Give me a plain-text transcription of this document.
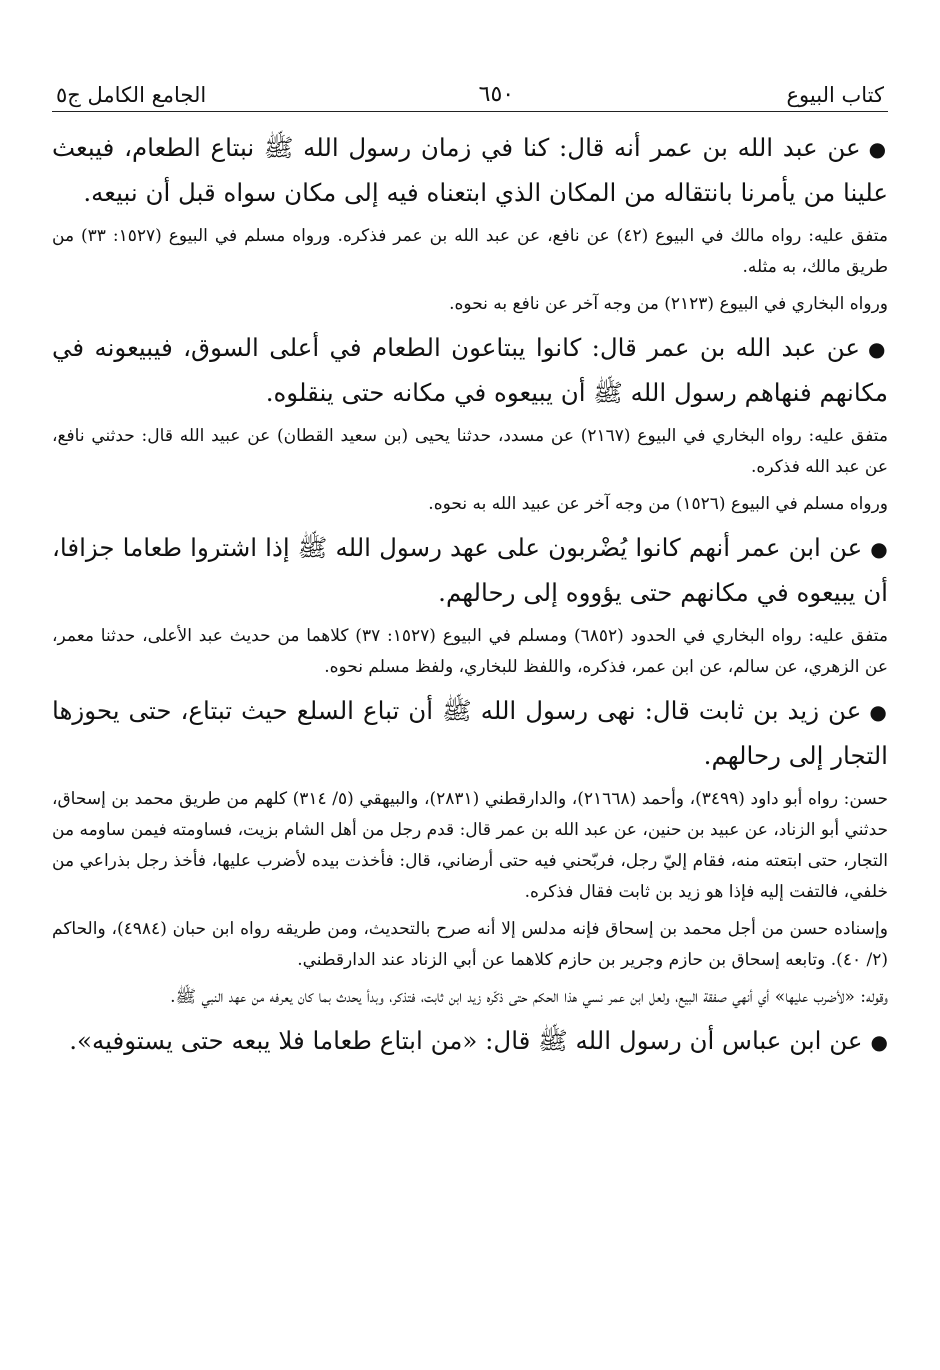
كتاب البيوع
٦٥٠
الجامع الكامل ج٥

●عن عبد الله بن عمر أنه قال: كنا في زمان رسول الله ﷺ نبتاع الطعام، فيبعث علينا من يأمرنا بانتقاله من المكان الذي ابتعناه فيه إلى مكان سواه قبل أن نبيعه.

متفق عليه: رواه مالك في البيوع (٤٢) عن نافع، عن عبد الله بن عمر فذكره. ورواه مسلم في البيوع (١٥٢٧: ٣٣) من طريق مالك، به مثله.

ورواه البخاري في البيوع (٢١٢٣) من وجه آخر عن نافع به نحوه.

●عن عبد الله بن عمر قال: كانوا يبتاعون الطعام في أعلى السوق، فيبيعونه في مكانهم فنهاهم رسول الله ﷺ أن يبيعوه في مكانه حتى ينقلوه.

متفق عليه: رواه البخاري في البيوع (٢١٦٧) عن مسدد، حدثنا يحيى (بن سعيد القطان) عن عبيد الله قال: حدثني نافع، عن عبد الله فذكره.

ورواه مسلم في البيوع (١٥٢٦) من وجه آخر عن عبيد الله به نحوه.

●عن ابن عمر أنهم كانوا يُضْربون على عهد رسول الله ﷺ إذا اشتروا طعاما جزافا، أن يبيعوه في مكانهم حتى يؤووه إلى رحالهم.

متفق عليه: رواه البخاري في الحدود (٦٨٥٢) ومسلم في البيوع (١٥٢٧: ٣٧) كلاهما من حديث عبد الأعلى، حدثنا معمر، عن الزهري، عن سالم، عن ابن عمر، فذكره، واللفظ للبخاري، ولفظ مسلم نحوه.

●عن زيد بن ثابت قال: نهى رسول الله ﷺ أن تباع السلع حيث تبتاع، حتى يحوزها التجار إلى رحالهم.

حسن: رواه أبو داود (٣٤٩٩)، وأحمد (٢١٦٦٨)، والدارقطني (٢٨٣١)، والبيهقي (٥/ ٣١٤) كلهم من طريق محمد بن إسحاق، حدثني أبو الزناد، عن عبيد بن حنين، عن عبد الله بن عمر قال: قدم رجل من أهل الشام بزيت، فساومته فيمن ساومه من التجار، حتى ابتعته منه، فقام إليّ رجل، فربّحني فيه حتى أرضاني، قال: فأخذت بيده لأضرب عليها، فأخذ رجل بذراعي من خلفي، فالتفت إليه فإذا هو زيد بن ثابت فقال فذكره.

وإسناده حسن من أجل محمد بن إسحاق فإنه مدلس إلا أنه صرح بالتحديث، ومن طريقه رواه ابن حبان (٤٩٨٤)، والحاكم (٢/ ٤٠). وتابعه إسحاق بن حازم وجرير بن حازم كلاهما عن أبي الزناد عند الدارقطني.

وقوله: «لأضرب عليها» أي أنهي صفقة البيع، ولعل ابن عمر نسي هذا الحكم حتى ذكّره زيد ابن ثابت، فتذكر، وبدأ يحدث بما كان يعرفه من عهد النبي ﷺ.

●عن ابن عباس أن رسول الله ﷺ قال: «من ابتاع طعاما فلا يبعه حتى يستوفيه».
